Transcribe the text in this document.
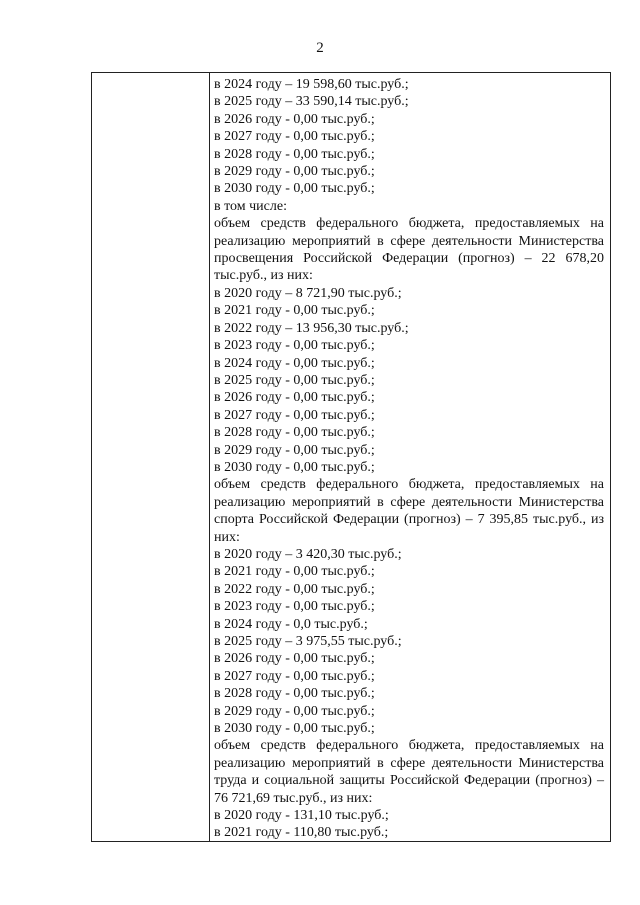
2
в 2024 году – 19 598,60 тыс.руб.;
в 2025 году – 33 590,14 тыс.руб.;
в 2026 году - 0,00 тыс.руб.;
в 2027 году - 0,00 тыс.руб.;
в 2028 году - 0,00 тыс.руб.;
в 2029 году - 0,00 тыс.руб.;
в 2030 году - 0,00 тыс.руб.;
в том числе:
объем средств федерального бюджета, предоставляемых на реализацию мероприятий в сфере деятельности Министерства просвещения Российской Федерации (прогноз) – 22 678,20 тыс.руб., из них:
в 2020 году – 8 721,90 тыс.руб.;
в 2021 году - 0,00 тыс.руб.;
в 2022 году – 13 956,30 тыс.руб.;
в 2023 году - 0,00 тыс.руб.;
в 2024 году - 0,00 тыс.руб.;
в 2025 году - 0,00 тыс.руб.;
в 2026 году - 0,00 тыс.руб.;
в 2027 году - 0,00 тыс.руб.;
в 2028 году - 0,00 тыс.руб.;
в 2029 году - 0,00 тыс.руб.;
в 2030 году - 0,00 тыс.руб.;
объем средств федерального бюджета, предоставляемых на реализацию мероприятий в сфере деятельности Министерства спорта Российской Федерации (прогноз) – 7 395,85 тыс.руб., из них:
в 2020 году – 3 420,30 тыс.руб.;
в 2021 году - 0,00 тыс.руб.;
в 2022 году - 0,00 тыс.руб.;
в 2023 году - 0,00 тыс.руб.;
в 2024 году - 0,0 тыс.руб.;
в 2025 году – 3 975,55 тыс.руб.;
в 2026 году - 0,00 тыс.руб.;
в 2027 году - 0,00 тыс.руб.;
в 2028 году - 0,00 тыс.руб.;
в 2029 году - 0,00 тыс.руб.;
в 2030 году - 0,00 тыс.руб.;
объем средств федерального бюджета, предоставляемых на реализацию мероприятий в сфере деятельности Министерства труда и социальной защиты Российской Федерации (прогноз) – 76 721,69 тыс.руб., из них:
в 2020 году - 131,10 тыс.руб.;
в 2021 году - 110,80 тыс.руб.;
